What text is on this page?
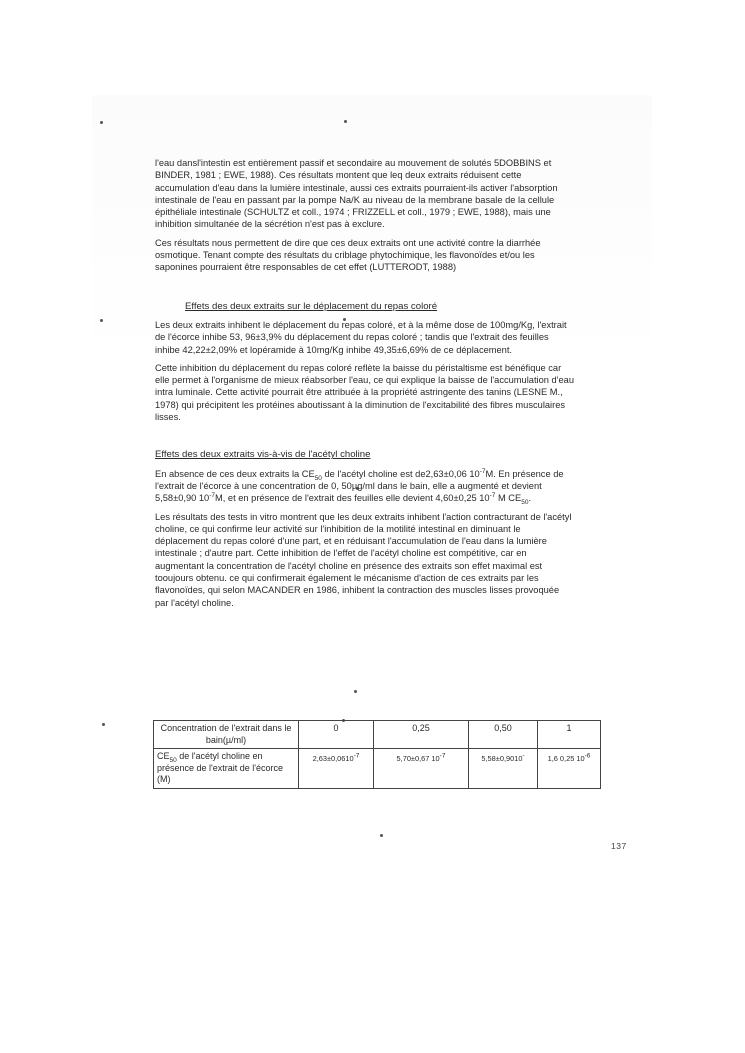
l'eau dansl'intestin est entièrement passif et secondaire au mouvement de solutés 5DOBBINS et BINDER, 1981 ; EWE, 1988). Ces résultats montent que leq deux extraits réduisent cette accumulation d'eau dans la lumière intestinale, aussi ces extraits pourraient-ils activer l'absorption intestinale de l'eau en passant par la pompe Na/K au niveau de la membrane basale de la cellule épithéliale intestinale (SCHULTZ et coll., 1974 ; FRIZZELL et coll., 1979 ; EWE, 1988), mais une inhibition simultanée de la sécrétion n'est pas à exclure.

Ces résultats nous permettent de dire que ces deux extraits ont une activité contre la diarrhée osmotique. Tenant compte des résultats du criblage phytochimique, les flavonoïdes et/ou les saponines pourraient être responsables de cet effet (LUTTERODT, 1988)

Effets des deux extraits sur le déplacement du repas coloré

Les deux extraits inhibent le déplacement du repas coloré, et à la même dose de 100mg/Kg, l'extrait de l'écorce inhibe 53, 96±3,9% du déplacement du repas coloré ; tandis que l'extrait des feuilles inhibe 42,22±2,09% et lopéramide à 10mg/Kg inhibe 49,35±6,69% de ce déplacement.

Cette inhibition du déplacement du repas coloré reflète la baisse du péristaltisme est bénéfique car elle permet à l'organisme de mieux réabsorber l'eau, ce qui explique la baisse de l'accumulation d'eau intra luminale. Cette activité pourrait être attribuée à la propriété astringente des tanins (LESNE M., 1978) qui précipitent les protéines aboutissant à la diminution de l'excitabilité des fibres musculaires lisses.

Effets des deux extraits vis-à-vis de l'acétyl choline

En absence de ces deux extraits la $CE_{50}$ de l'acétyl choline est de2,63±0,06 $10^{-7}M$. En présence de l'extrait de l'écorce à une concentration de 0, 50µg/ml dans le bain, elle a augmenté et devient 5,58±0,90 $10^{-7}M$, et en présence de l'extrait des feuilles elle devient 4,60±0,25 $10^{-7}$ M $CE_{50}$.

Les résultats des tests in vitro montrent que les deux extraits inhibent l'action contracturant de l'acétyl choline, ce qui confirme leur activité sur l'inhibition de la motilité intestinal en diminuant le déplacement du repas coloré d'une part, et en réduisant l'accumulation de l'eau dans la lumière intestinale ; d'autre part. Cette inhibition de l'effet de l'acétyl choline est compétitive, car en augmentant la concentration de l'acétyl choline en présence des extraits son effet maximal est tooujours obtenu. ce qui confirmerait également le mécanisme d'action de ces extraits par les flavonoïdes, qui selon MACANDER en 1986, inhibent la contraction des muscles lisses provoquée par l'acétyl choline.

Concentration de l'extrait dans le bain(µ/ml)	0	0,25	0,50	1
$CE_{50}$ de l'acétyl choline en présence de l'extrait de l'écorce (M)	$2,63\pm 0,0610^{-7}$	5,70±0,67 $10^{-7}$	5,58±0,9010-	1,6 0,25 $10^{-6}$
137
